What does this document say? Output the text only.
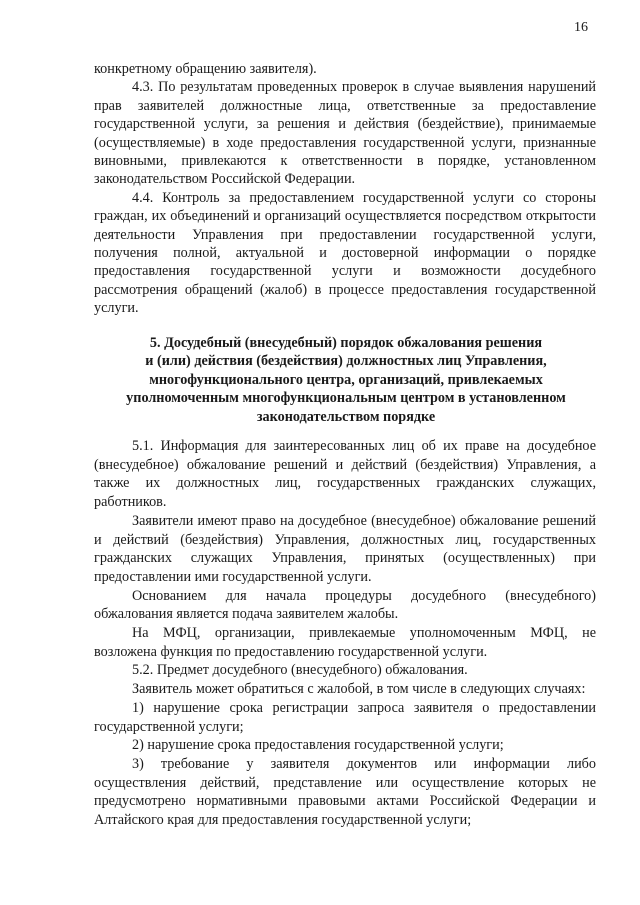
16

конкретному обращению заявителя).

4.3. По результатам проведенных проверок в случае выявления нарушений прав заявителей должностные лица, ответственные за предоставление государственной услуги, за решения и действия (бездействие), принимаемые (осуществляемые) в ходе предоставления государственной услуги, признанные виновными, привлекаются к ответственности в порядке, установленном законодательством Российской Федерации.

4.4. Контроль за предоставлением государственной услуги со стороны граждан, их объединений и организаций осуществляется посредством открытости деятельности Управления при предоставлении государственной услуги, получения полной, актуальной и достоверной информации о порядке предоставления государственной услуги и возможности досудебного рассмотрения обращений (жалоб) в процессе предоставления государственной услуги.

5. Досудебный (внесудебный) порядок обжалования решения
и (или) действия (бездействия) должностных лиц Управления,
многофункционального центра, организаций, привлекаемых
уполномоченным многофункциональным центром в установленном
законодательством порядке

5.1. Информация для заинтересованных лиц об их праве на досудебное (внесудебное) обжалование решений и действий (бездействия) Управления, а также их должностных лиц, государственных гражданских служащих, работников.

Заявители имеют право на досудебное (внесудебное) обжалование решений и действий (бездействия) Управления, должностных лиц, государственных гражданских служащих Управления, принятых (осуществленных) при предоставлении ими государственной услуги.

Основанием для начала процедуры досудебного (внесудебного) обжалования является подача заявителем жалобы.

На МФЦ, организации, привлекаемые уполномоченным МФЦ, не возложена функция по предоставлению государственной услуги.

5.2. Предмет досудебного (внесудебного) обжалования.

Заявитель может обратиться с жалобой, в том числе в следующих случаях:

1) нарушение срока регистрации запроса заявителя о предоставлении государственной услуги;

2) нарушение срока предоставления государственной услуги;

3) требование у заявителя документов или информации либо осуществления действий, представление или осуществление которых не предусмотрено нормативными правовыми актами Российской Федерации и Алтайского края для предоставления государственной услуги;
